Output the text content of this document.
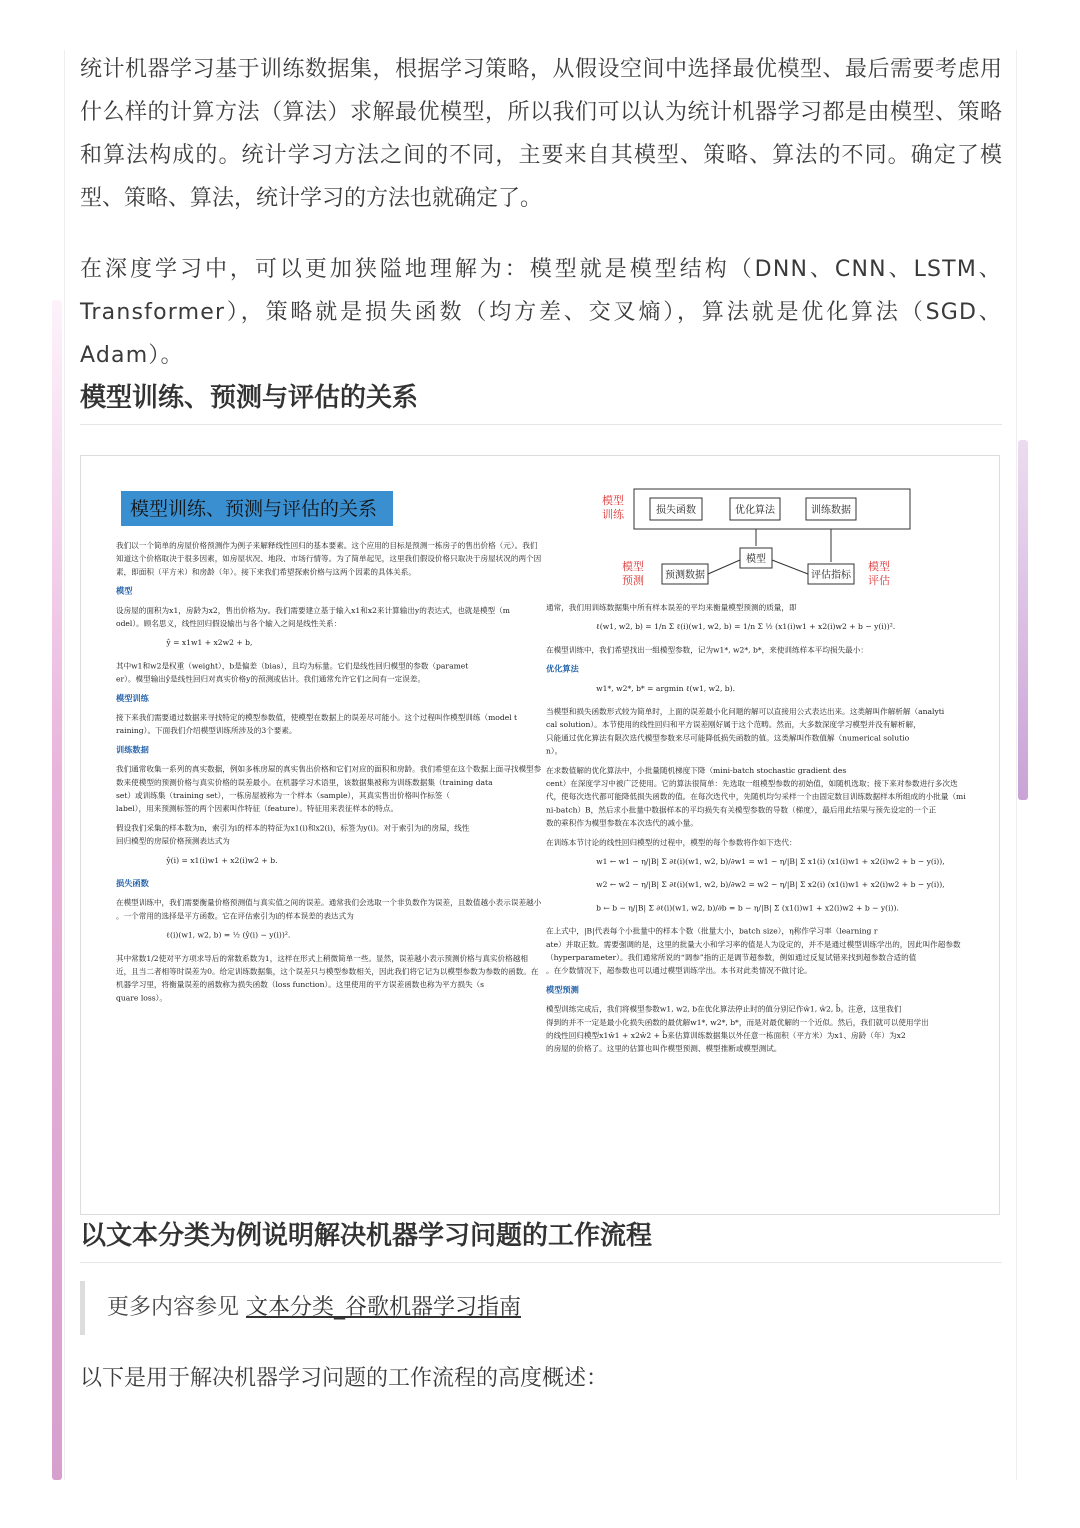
统计机器学习基于训练数据集，根据学习策略，从假设空间中选择最优模型、最后需要考虑用什么样的计算方法（算法）求解最优模型，所以我们可以认为统计机器学习都是由模型、策略和算法构成的。统计学习方法之间的不同，主要来自其模型、策略、算法的不同。确定了模型、策略、算法，统计学习的方法也就确定了。

在深度学习中，可以更加狭隘地理解为：模型就是模型结构（DNN、CNN、LSTM、Transformer），策略就是损失函数（均方差、交叉熵），算法就是优化算法（SGD、Adam）。

模型训练、预测与评估的关系
模型训练、预测与评估的关系
我们以一个简单的房屋价格预测作为例子来解释线性回归的基本要素。这个应用的目标是预测一栋房子的售出价格（元）。我们
知道这个价格取决于很多因素，如房屋状况、地段、市场行情等。为了简单起见，这里我们假设价格只取决于房屋状况的两个因
素，即面积（平方米）和房龄（年）。接下来我们希望探索价格与这两个因素的具体关系。
模型
设房屋的面积为x1，房龄为x2，售出价格为y。我们需要建立基于输入x1和x2来计算输出y的表达式，也就是模型（m
odel）。顾名思义，线性回归假设输出与各个输入之间是线性关系：
ŷ = x1w1 + x2w2 + b,
其中w1和w2是权重（weight），b是偏差（bias），且均为标量。它们是线性回归模型的参数（paramet
er）。模型输出ŷ是线性回归对真实价格y的预测或估计。我们通常允许它们之间有一定误差。
模型训练
接下来我们需要通过数据来寻找特定的模型参数值，使模型在数据上的误差尽可能小。这个过程叫作模型训练（model t
raining）。下面我们介绍模型训练所涉及的3个要素。
训练数据
我们通常收集一系列的真实数据，例如多栋房屋的真实售出价格和它们对应的面积和房龄。我们希望在这个数据上面寻找模型参
数来使模型的预测价格与真实价格的误差最小。在机器学习术语里，该数据集被称为训练数据集（training data
set）或训练集（training set），一栋房屋被称为一个样本（sample），其真实售出价格叫作标签（
label），用来预测标签的两个因素叫作特征（feature）。特征用来表征样本的特点。
假设我们采集的样本数为n，索引为i的样本的特征为x1(i)和x2(i)，标签为y(i)。对于索引为i的房屋，线性
回归模型的房屋价格预测表达式为
ŷ(i) = x1(i)w1 + x2(i)w2 + b.
损失函数
在模型训练中，我们需要衡量价格预测值与真实值之间的误差。通常我们会选取一个非负数作为误差，且数值越小表示误差越小
。一个常用的选择是平方函数。它在评估索引为i的样本误差的表达式为
ℓ(i)(w1, w2, b) = ½ (ŷ(i) − y(i))².
其中常数1/2使对平方项求导后的常数系数为1，这样在形式上稍微简单一些。显然，误差越小表示预测价格与真实价格越相
近，且当二者相等时误差为0。给定训练数据集，这个误差只与模型参数相关，因此我们将它记为以模型参数为参数的函数。在
机器学习里，将衡量误差的函数称为损失函数（loss function）。这里使用的平方误差函数也称为平方损失（s
quare loss）。
模型
训练	损失函数	优化算法	训练数据
模型
预测数据	评估指标
模型
预测
模型
评估
通常，我们用训练数据集中所有样本误差的平均来衡量模型预测的质量，即
ℓ(w1, w2, b) = 1/n Σ ℓ(i)(w1, w2, b) = 1/n Σ ½ (x1(i)w1 + x2(i)w2 + b − y(i))².
在模型训练中，我们希望找出一组模型参数，记为w1*, w2*, b*，来使训练样本平均损失最小：
优化算法
w1*, w2*, b* = argmin ℓ(w1, w2, b).
当模型和损失函数形式较为简单时，上面的误差最小化问题的解可以直接用公式表达出来。这类解叫作解析解（analyti
cal solution）。本节使用的线性回归和平方误差刚好属于这个范畴。然而，大多数深度学习模型并没有解析解，
只能通过优化算法有限次迭代模型参数来尽可能降低损失函数的值。这类解叫作数值解（numerical solutio
n）。
在求数值解的优化算法中，小批量随机梯度下降（mini-batch stochastic gradient des
cent）在深度学习中被广泛使用。它的算法很简单：先选取一组模型参数的初始值，如随机选取；接下来对参数进行多次迭
代，使每次迭代都可能降低损失函数的值。在每次迭代中，先随机均匀采样一个由固定数目训练数据样本所组成的小批量（mi
ni-batch）B，然后求小批量中数据样本的平均损失有关模型参数的导数（梯度），最后用此结果与预先设定的一个正
数的乘积作为模型参数在本次迭代的减小量。
在训练本节讨论的线性回归模型的过程中，模型的每个参数将作如下迭代：
w1 ← w1 − η/|B| Σ ∂ℓ(i)(w1, w2, b)/∂w1 = w1 − η/|B| Σ x1(i) (x1(i)w1 + x2(i)w2 + b − y(i)),
w2 ← w2 − η/|B| Σ ∂ℓ(i)(w1, w2, b)/∂w2 = w2 − η/|B| Σ x2(i) (x1(i)w1 + x2(i)w2 + b − y(i)),
b ← b − η/|B| Σ ∂ℓ(i)(w1, w2, b)/∂b = b − η/|B| Σ (x1(i)w1 + x2(i)w2 + b − y(i)).
在上式中，|B|代表每个小批量中的样本个数（批量大小，batch size），η称作学习率（learning r
ate）并取正数。需要强调的是，这里的批量大小和学习率的值是人为设定的，并不是通过模型训练学出的，因此叫作超参数
（hyperparameter）。我们通常所说的“调参”指的正是调节超参数，例如通过反复试错来找到超参数合适的值
。在少数情况下，超参数也可以通过模型训练学出。本书对此类情况不做讨论。
模型预测
模型训练完成后，我们将模型参数w1, w2, b在优化算法停止时的值分别记作ŵ1, ŵ2, b̂。注意，这里我们
得到的并不一定是最小化损失函数的最优解w1*, w2*, b*，而是对最优解的一个近似。然后，我们就可以使用学出
的线性回归模型x1ŵ1 + x2ŵ2 + b̂来估算训练数据集以外任意一栋面积（平方米）为x1、房龄（年）为x2
的房屋的价格了。这里的估算也叫作模型预测、模型推断或模型测试。
以文本分类为例说明解决机器学习问题的工作流程
更多内容参见 文本分类_谷歌机器学习指南

以下是用于解决机器学习问题的工作流程的高度概述：
